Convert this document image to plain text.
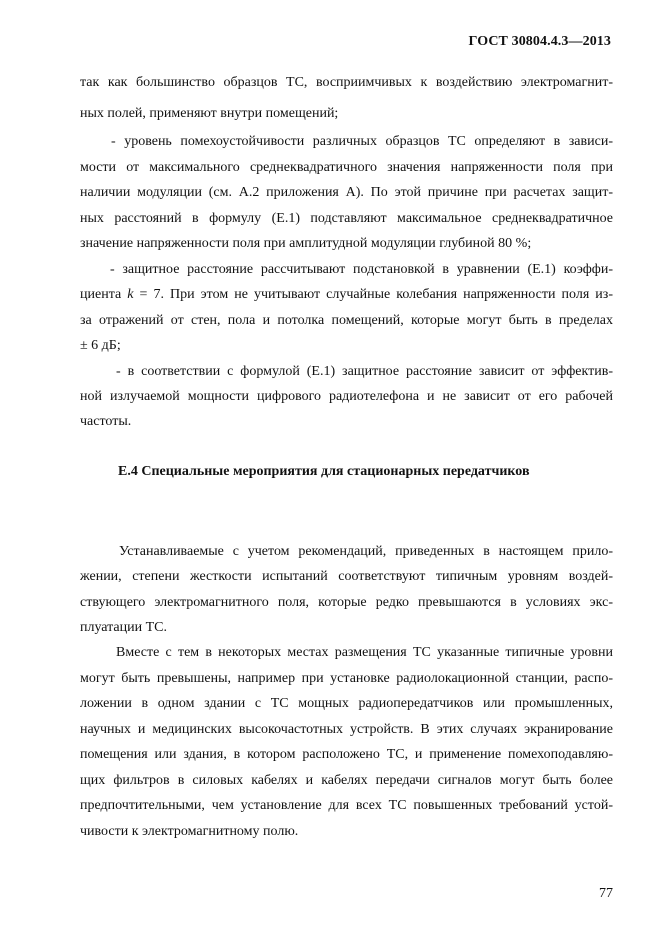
ГОСТ 30804.4.3—2013
так как большинство образцов ТС, восприимчивых к воздействию электромагнит-
ных полей, применяют внутри помещений;
- уровень помехоустойчивости различных образцов ТС определяют в зависи-
мости от максимального среднеквадратичного значения напряженности поля при
наличии модуляции (см. А.2 приложения А). По этой причине при расчетах защит-
ных расстояний в формулу (Е.1) подставляют максимальное среднеквадратичное
значение напряженности поля при амплитудной модуляции глубиной 80 %;
- защитное расстояние рассчитывают подстановкой в уравнении (Е.1) коэффи-
циента k = 7. При этом не учитывают случайные колебания напряженности поля из-
за отражений от стен, пола и потолка помещений, которые могут быть в пределах
± 6 дБ;
- в соответствии с формулой (Е.1) защитное расстояние зависит от эффектив-
ной излучаемой мощности цифрового радиотелефона и не зависит от его рабочей
частоты.
Устанавливаемые с учетом рекомендаций, приведенных в настоящем прило-
жении, степени жесткости испытаний соответствуют типичным уровням воздей-
ствующего электромагнитного поля, которые редко превышаются в условиях экс-
плуатации ТС.
Вместе с тем в некоторых местах размещения ТС указанные типичные уровни
могут быть превышены, например при установке радиолокационной станции, распо-
ложении в одном здании с ТС мощных радиопередатчиков или промышленных,
научных и медицинских высокочастотных устройств. В этих случаях экранирование
помещения или здания, в котором расположено ТС, и применение помехоподавляю-
щих фильтров в силовых кабелях и кабелях передачи сигналов могут быть более
предпочтительными, чем установление для всех ТС повышенных требований устой-
чивости к электромагнитному полю.
Е.4 Специальные мероприятия для стационарных передатчиков
77
